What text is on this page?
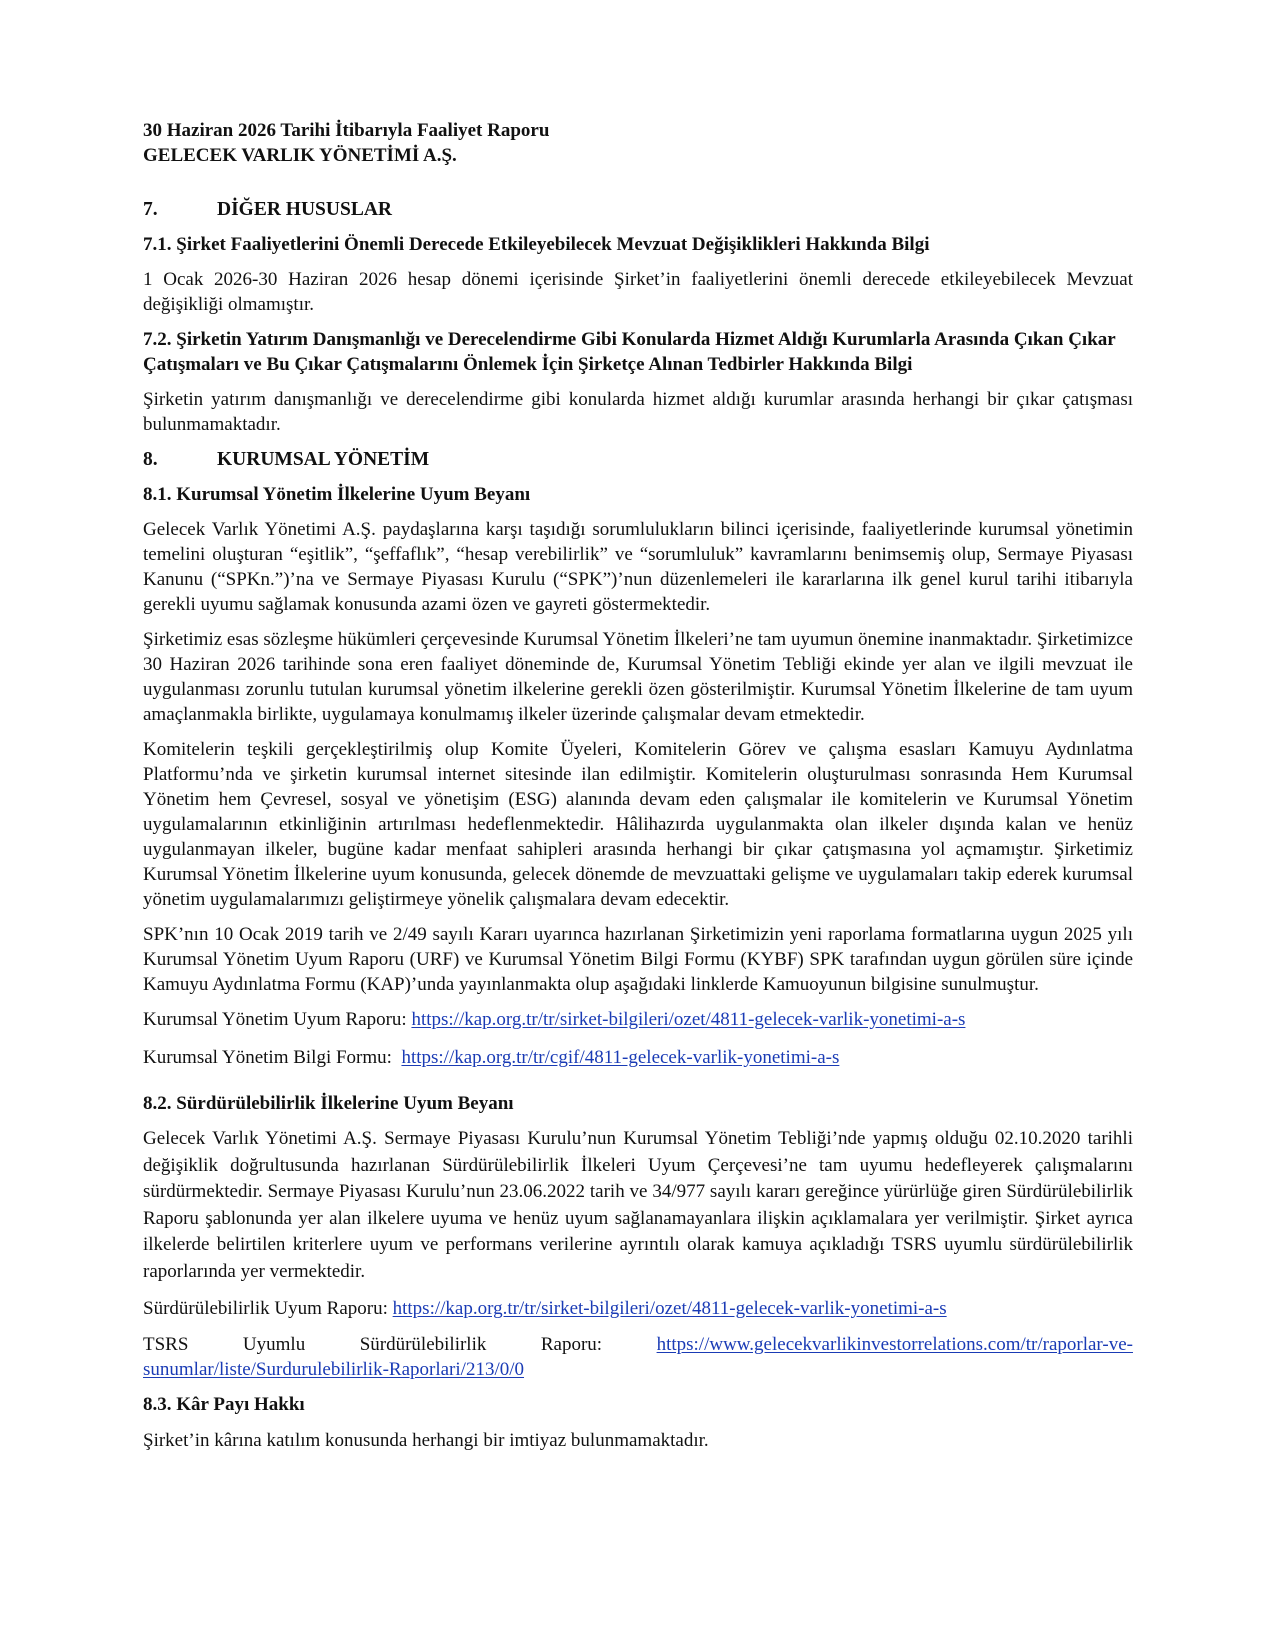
30 Haziran 2026 Tarihi İtibarıyla Faaliyet Raporu
GELECEK VARLIK YÖNETİMİ A.Ş.
7.	DİĞER HUSUSLAR
7.1. Şirket Faaliyetlerini Önemli Derecede Etkileyebilecek Mevzuat Değişiklikleri Hakkında Bilgi

1 Ocak 2026-30 Haziran 2026 hesap dönemi içerisinde Şirket’in faaliyetlerini önemli derecede etkileyebilecek Mevzuat değişikliği olmamıştır.

7.2. Şirketin Yatırım Danışmanlığı ve Derecelendirme Gibi Konularda Hizmet Aldığı Kurumlarla Arasında Çıkan Çıkar Çatışmaları ve Bu Çıkar Çatışmalarını Önlemek İçin Şirketçe Alınan Tedbirler Hakkında Bilgi

Şirketin yatırım danışmanlığı ve derecelendirme gibi konularda hizmet aldığı kurumlar arasında herhangi bir çıkar çatışması bulunmamaktadır.

8.	KURUMSAL YÖNETİM
8.1. Kurumsal Yönetim İlkelerine Uyum Beyanı

Gelecek Varlık Yönetimi A.Ş. paydaşlarına karşı taşıdığı sorumlulukların bilinci içerisinde, faaliyetlerinde kurumsal yönetimin temelini oluşturan “eşitlik”, “şeffaflık”, “hesap verebilirlik” ve “sorumluluk” kavramlarını benimsemiş olup, Sermaye Piyasası Kanunu (“SPKn.”)’na ve Sermaye Piyasası Kurulu (“SPK”)’nun düzenlemeleri ile kararlarına ilk genel kurul tarihi itibarıyla gerekli uyumu sağlamak konusunda azami özen ve gayreti göstermektedir.

Şirketimiz esas sözleşme hükümleri çerçevesinde Kurumsal Yönetim İlkeleri’ne tam uyumun önemine inanmaktadır. Şirketimizce 30 Haziran 2026 tarihinde sona eren faaliyet döneminde de, Kurumsal Yönetim Tebliği ekinde yer alan ve ilgili mevzuat ile uygulanması zorunlu tutulan kurumsal yönetim ilkelerine gerekli özen gösterilmiştir. Kurumsal Yönetim İlkelerine de tam uyum amaçlanmakla birlikte, uygulamaya konulmamış ilkeler üzerinde çalışmalar devam etmektedir.

Komitelerin teşkili gerçekleştirilmiş olup Komite Üyeleri, Komitelerin Görev ve çalışma esasları Kamuyu Aydınlatma Platformu’nda ve şirketin kurumsal internet sitesinde ilan edilmiştir. Komitelerin oluşturulması sonrasında Hem Kurumsal Yönetim hem Çevresel, sosyal ve yönetişim (ESG) alanında devam eden çalışmalar ile komitelerin ve Kurumsal Yönetim uygulamalarının etkinliğinin artırılması hedeflenmektedir. Hâlihazırda uygulanmakta olan ilkeler dışında kalan ve henüz uygulanmayan ilkeler, bugüne kadar menfaat sahipleri arasında herhangi bir çıkar çatışmasına yol açmamıştır. Şirketimiz Kurumsal Yönetim İlkelerine uyum konusunda, gelecek dönemde de mevzuattaki gelişme ve uygulamaları takip ederek kurumsal yönetim uygulamalarımızı geliştirmeye yönelik çalışmalara devam edecektir.

SPK’nın 10 Ocak 2019 tarih ve 2/49 sayılı Kararı uyarınca hazırlanan Şirketimizin yeni raporlama formatlarına uygun 2025 yılı Kurumsal Yönetim Uyum Raporu (URF) ve Kurumsal Yönetim Bilgi Formu (KYBF) SPK tarafından uygun görülen süre içinde Kamuyu Aydınlatma Formu (KAP)’unda yayınlanmakta olup aşağıdaki linklerde Kamuoyunun bilgisine sunulmuştur.

Kurumsal Yönetim Uyum Raporu: https://kap.org.tr/tr/sirket-bilgileri/ozet/4811-gelecek-varlik-yonetimi-a-s
Kurumsal Yönetim Bilgi Formu: https://kap.org.tr/tr/cgif/4811-gelecek-varlik-yonetimi-a-s
8.2. Sürdürülebilirlik İlkelerine Uyum Beyanı

Gelecek Varlık Yönetimi A.Ş. Sermaye Piyasası Kurulu’nun Kurumsal Yönetim Tebliği’nde yapmış olduğu 02.10.2020 tarihli değişiklik doğrultusunda hazırlanan Sürdürülebilirlik İlkeleri Uyum Çerçevesi’ne tam uyumu hedefleyerek çalışmalarını sürdürmektedir. Sermaye Piyasası Kurulu’nun 23.06.2022 tarih ve 34/977 sayılı kararı gereğince yürürlüğe giren Sürdürülebilirlik Raporu şablonunda yer alan ilkelere uyuma ve henüz uyum sağlanamayanlara ilişkin açıklamalara yer verilmiştir. Şirket ayrıca ilkelerde belirtilen kriterlere uyum ve performans verilerine ayrıntılı olarak kamuya açıkladığı TSRS uyumlu sürdürülebilirlik raporlarında yer vermektedir.

Sürdürülebilirlik Uyum Raporu: https://kap.org.tr/tr/sirket-bilgileri/ozet/4811-gelecek-varlik-yonetimi-a-s
TSRS	Uyumlu	Sürdürülebilirlik	Raporu:	https://www.gelecekvarlikinvestorrelations.com/tr/raporlar-ve-
sunumlar/liste/Surdurulebilirlik-Raporlari/213/0/0
8.3. Kâr Payı Hakkı

Şirket’in kârına katılım konusunda herhangi bir imtiyaz bulunmamaktadır.
